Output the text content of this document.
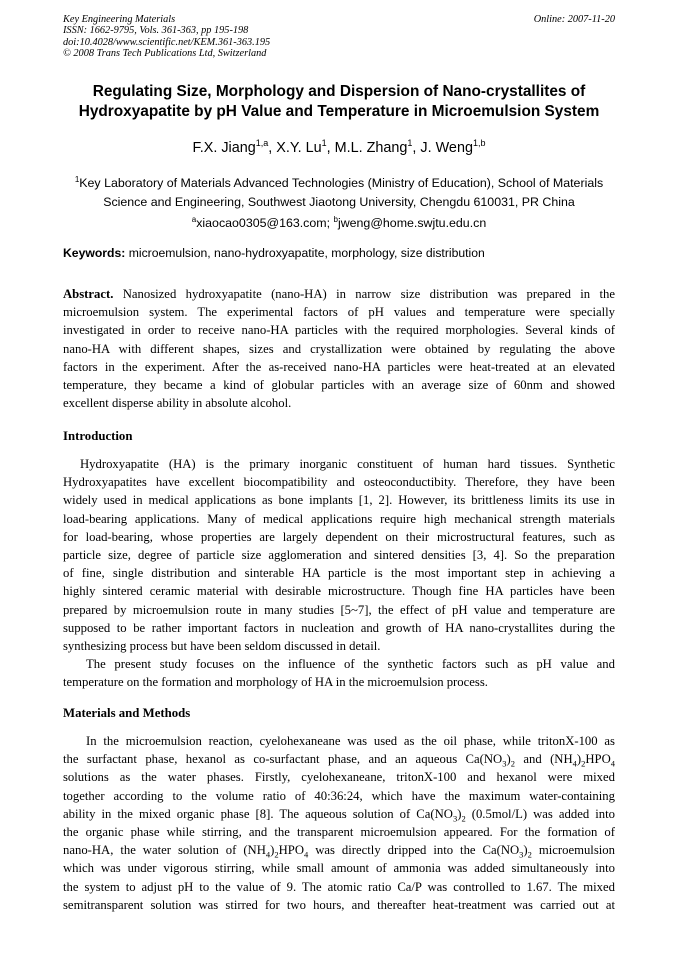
Key Engineering Materials
ISSN: 1662-9795, Vols. 361-363, pp 195-198
doi:10.4028/www.scientific.net/KEM.361-363.195
© 2008 Trans Tech Publications Ltd, Switzerland
Online: 2007-11-20
Regulating Size, Morphology and Dispersion of Nano-crystallites of
Hydroxyapatite by pH Value and Temperature in Microemulsion System
F.X. Jiang$^{1,a}$, X.Y. Lu$^1$, M.L. Zhang$^1$, J. Weng$^{1,b}$
$^1$Key Laboratory of Materials Advanced Technologies (Ministry of Education), School of Materials
Science and Engineering, Southwest Jiaotong University, Chengdu 610031, PR China
$^a$xiaocao0305@163.com; $^b$jweng@home.swjtu.edu.cn
Keywords: microemulsion, nano-hydroxyapatite, morphology, size distribution
Abstract. Nanosized hydroxyapatite (nano-HA) in narrow size distribution was prepared in the
microemulsion system. The experimental factors of pH values and temperature were specially
investigated in order to receive nano-HA particles with the required morphologies. Several kinds of
nano-HA with different shapes, sizes and crystallization were obtained by regulating the above
factors in the experiment. After the as-received nano-HA particles were heat-treated at an elevated
temperature, they became a kind of globular particles with an average size of 60nm and showed
excellent disperse ability in absolute alcohol.
Introduction
Hydroxyapatite (HA) is the primary inorganic constituent of human hard tissues. Synthetic
Hydroxyapatites have excellent biocompatibility and osteoconductibity. Therefore, they have been
widely used in medical applications as bone implants [1, 2]. However, its brittleness limits its use in
load-bearing applications. Many of medical applications require high mechanical strength materials
for load-bearing, whose properties are largely dependent on their microstructural features, such as
particle size, degree of particle size agglomeration and sintered densities [3, 4]. So the preparation
of fine, single distribution and sinterable HA particle is the most important step in achieving a
highly sintered ceramic material with desirable microstructure. Though fine HA particles have been
prepared by microemulsion route in many studies [5~7], the effect of pH value and temperature are
supposed to be rather important factors in nucleation and growth of HA nano-crystallites during the
synthesizing process but have been seldom discussed in detail.
The present study focuses on the influence of the synthetic factors such as pH value and
temperature on the formation and morphology of HA in the microemulsion process.
Materials and Methods
In the microemulsion reaction, cyelohexaneane was used as the oil phase, while tritonX-100 as
the surfactant phase, hexanol as co-surfactant phase, and an aqueous $Ca(NO_3)_2$ and $(NH_4)_2HPO_4$
solutions as the water phases. Firstly, cyelohexaneane, tritonX-100 and hexanol were mixed
together according to the volume ratio of 40:36:24, which have the maximum water-containing
ability in the mixed organic phase [8]. The aqueous solution of $Ca(NO_3)_2$ (0.5mol/L) was added into
the organic phase while stirring, and the transparent microemulsion appeared. For the formation of
nano-HA, the water solution of $(NH_4)_2HPO_4$ was directly dripped into the $Ca(NO_3)_2$ microemulsion
which was under vigorous stirring, while small amount of ammonia was added simultaneously into
the system to adjust pH to the value of 9. The atomic ratio Ca/P was controlled to 1.67. The mixed
semitransparent solution was stirred for two hours, and thereafter heat-treatment was carried out at
